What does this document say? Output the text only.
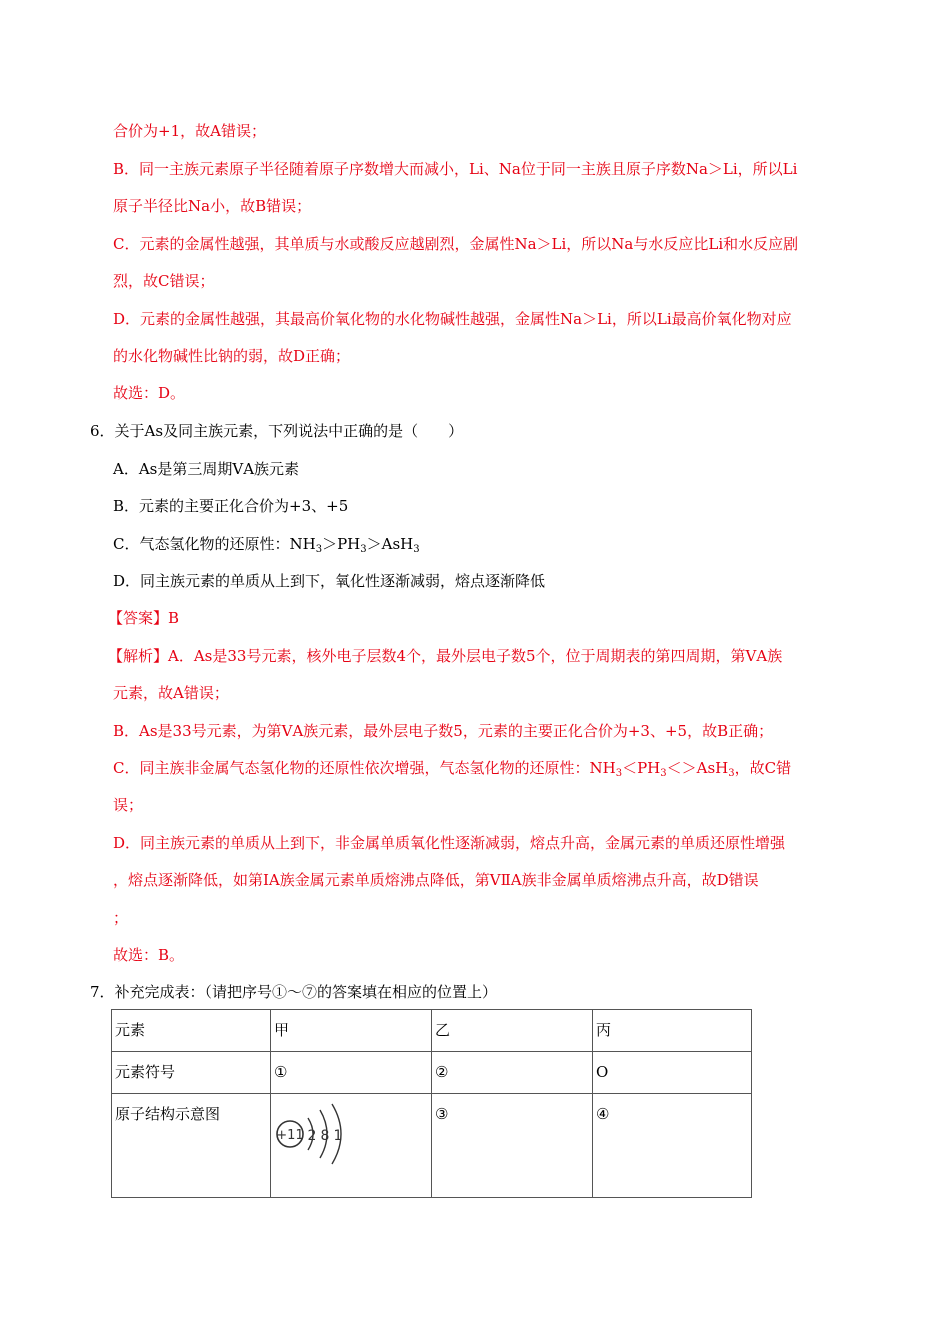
合价为+1，故A错误；
B．同一主族元素原子半径随着原子序数增大而减小，Li、Na位于同一主族且原子序数Na＞Li，所以Li
原子半径比Na小，故B错误；
C．元素的金属性越强，其单质与水或酸反应越剧烈，金属性Na＞Li，所以Na与水反应比Li和水反应剧
烈，故C错误；
D．元素的金属性越强，其最高价氧化物的水化物碱性越强，金属性Na＞Li，所以Li最高价氧化物对应
的水化物碱性比钠的弱，故D正确；
故选：D。
6．关于As及同主族元素，下列说法中正确的是（　　）
A．As是第三周期ⅤA族元素
B．元素的主要正化合价为+3、+5
C．气态氢化物的还原性：$NH_3>PH_3>AsH_3$
D．同主族元素的单质从上到下，氧化性逐渐减弱，熔点逐渐降低
【答案】B
【解析】A．As是33号元素，核外电子层数4个，最外层电子数5个，位于周期表的第四周期，第ⅤA族
元素，故A错误；
B．As是33号元素，为第ⅤA族元素，最外层电子数5，元素的主要正化合价为+3、+5，故B正确；
C．同主族非金属气态氢化物的还原性依次增强，气态氢化物的还原性：$NH_3<PH_3<>AsH_3$，故C错
误；
D．同主族元素的单质从上到下，非金属单质氧化性逐渐减弱，熔点升高，金属元素的单质还原性增强
，熔点逐渐降低，如第ⅠA族金属元素单质熔沸点降低，第ⅤⅡA族非金属单质熔沸点升高，故D错误
；
故选：B。
7．补充完成表：（请把序号①～⑦的答案填在相应的位置上）
元素	甲	乙	丙
元素符号	①	②	O
原子结构示意图	+11 2 8 1	③	④
